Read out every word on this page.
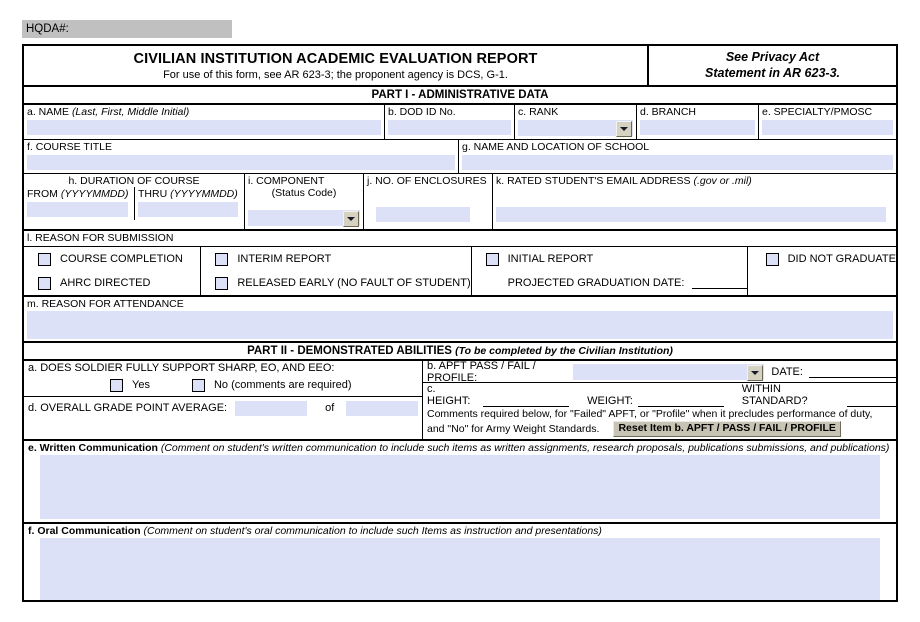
HQDA#:
CIVILIAN INSTITUTION ACADEMIC EVALUATION REPORT
For use of this form, see AR 623-3; the proponent agency is DCS, G-1.
See Privacy Act
Statement in AR 623-3.
PART I - ADMINISTRATIVE DATA
a. NAME (Last, First, Middle Initial)	b. DOD ID No.	c. RANK	d. BRANCH	e. SPECIALTY/PMOSC
f. COURSE TITLE	g. NAME AND LOCATION OF SCHOOL
h. DURATION OF COURSE
FROM (YYYYMMDD) THRU (YYYYMMDD)
i. COMPONENT
(Status Code)
j. NO. OF ENCLOSURES k. RATED STUDENT'S EMAIL ADDRESS (.gov or .mil)
l. REASON FOR SUBMISSION
COURSE COMPLETION
AHRC DIRECTED
INTERIM REPORT
RELEASED EARLY (NO FAULT OF STUDENT)
INITIAL REPORT
PROJECTED GRADUATION DATE:
DID NOT GRADUATE
m. REASON FOR ATTENDANCE
PART II - DEMONSTRATED ABILITIES (To be completed by the Civilian Institution)
a. DOES SOLDIER FULLY SUPPORT SHARP, EO, AND EEO:
Yes	No (comments are required)
d. OVERALL GRADE POINT AVERAGE:	of
b. APFT PASS / FAIL / PROFILE:	DATE:
c. HEIGHT:	WEIGHT:
WITHIN STANDARD?
Comments required below, for "Failed" APFT, or "Profile" when it precludes performance of duty,
and "No" for Army Weight Standards.	Reset Item b. APFT / PASS / FAIL / PROFILE
e. Written Communication (Comment on student's written communication to include such items as written assignments, research proposals, publications submissions, and publications)
f. Oral Communication (Comment on student's oral communication to include such Items as instruction and presentations)
